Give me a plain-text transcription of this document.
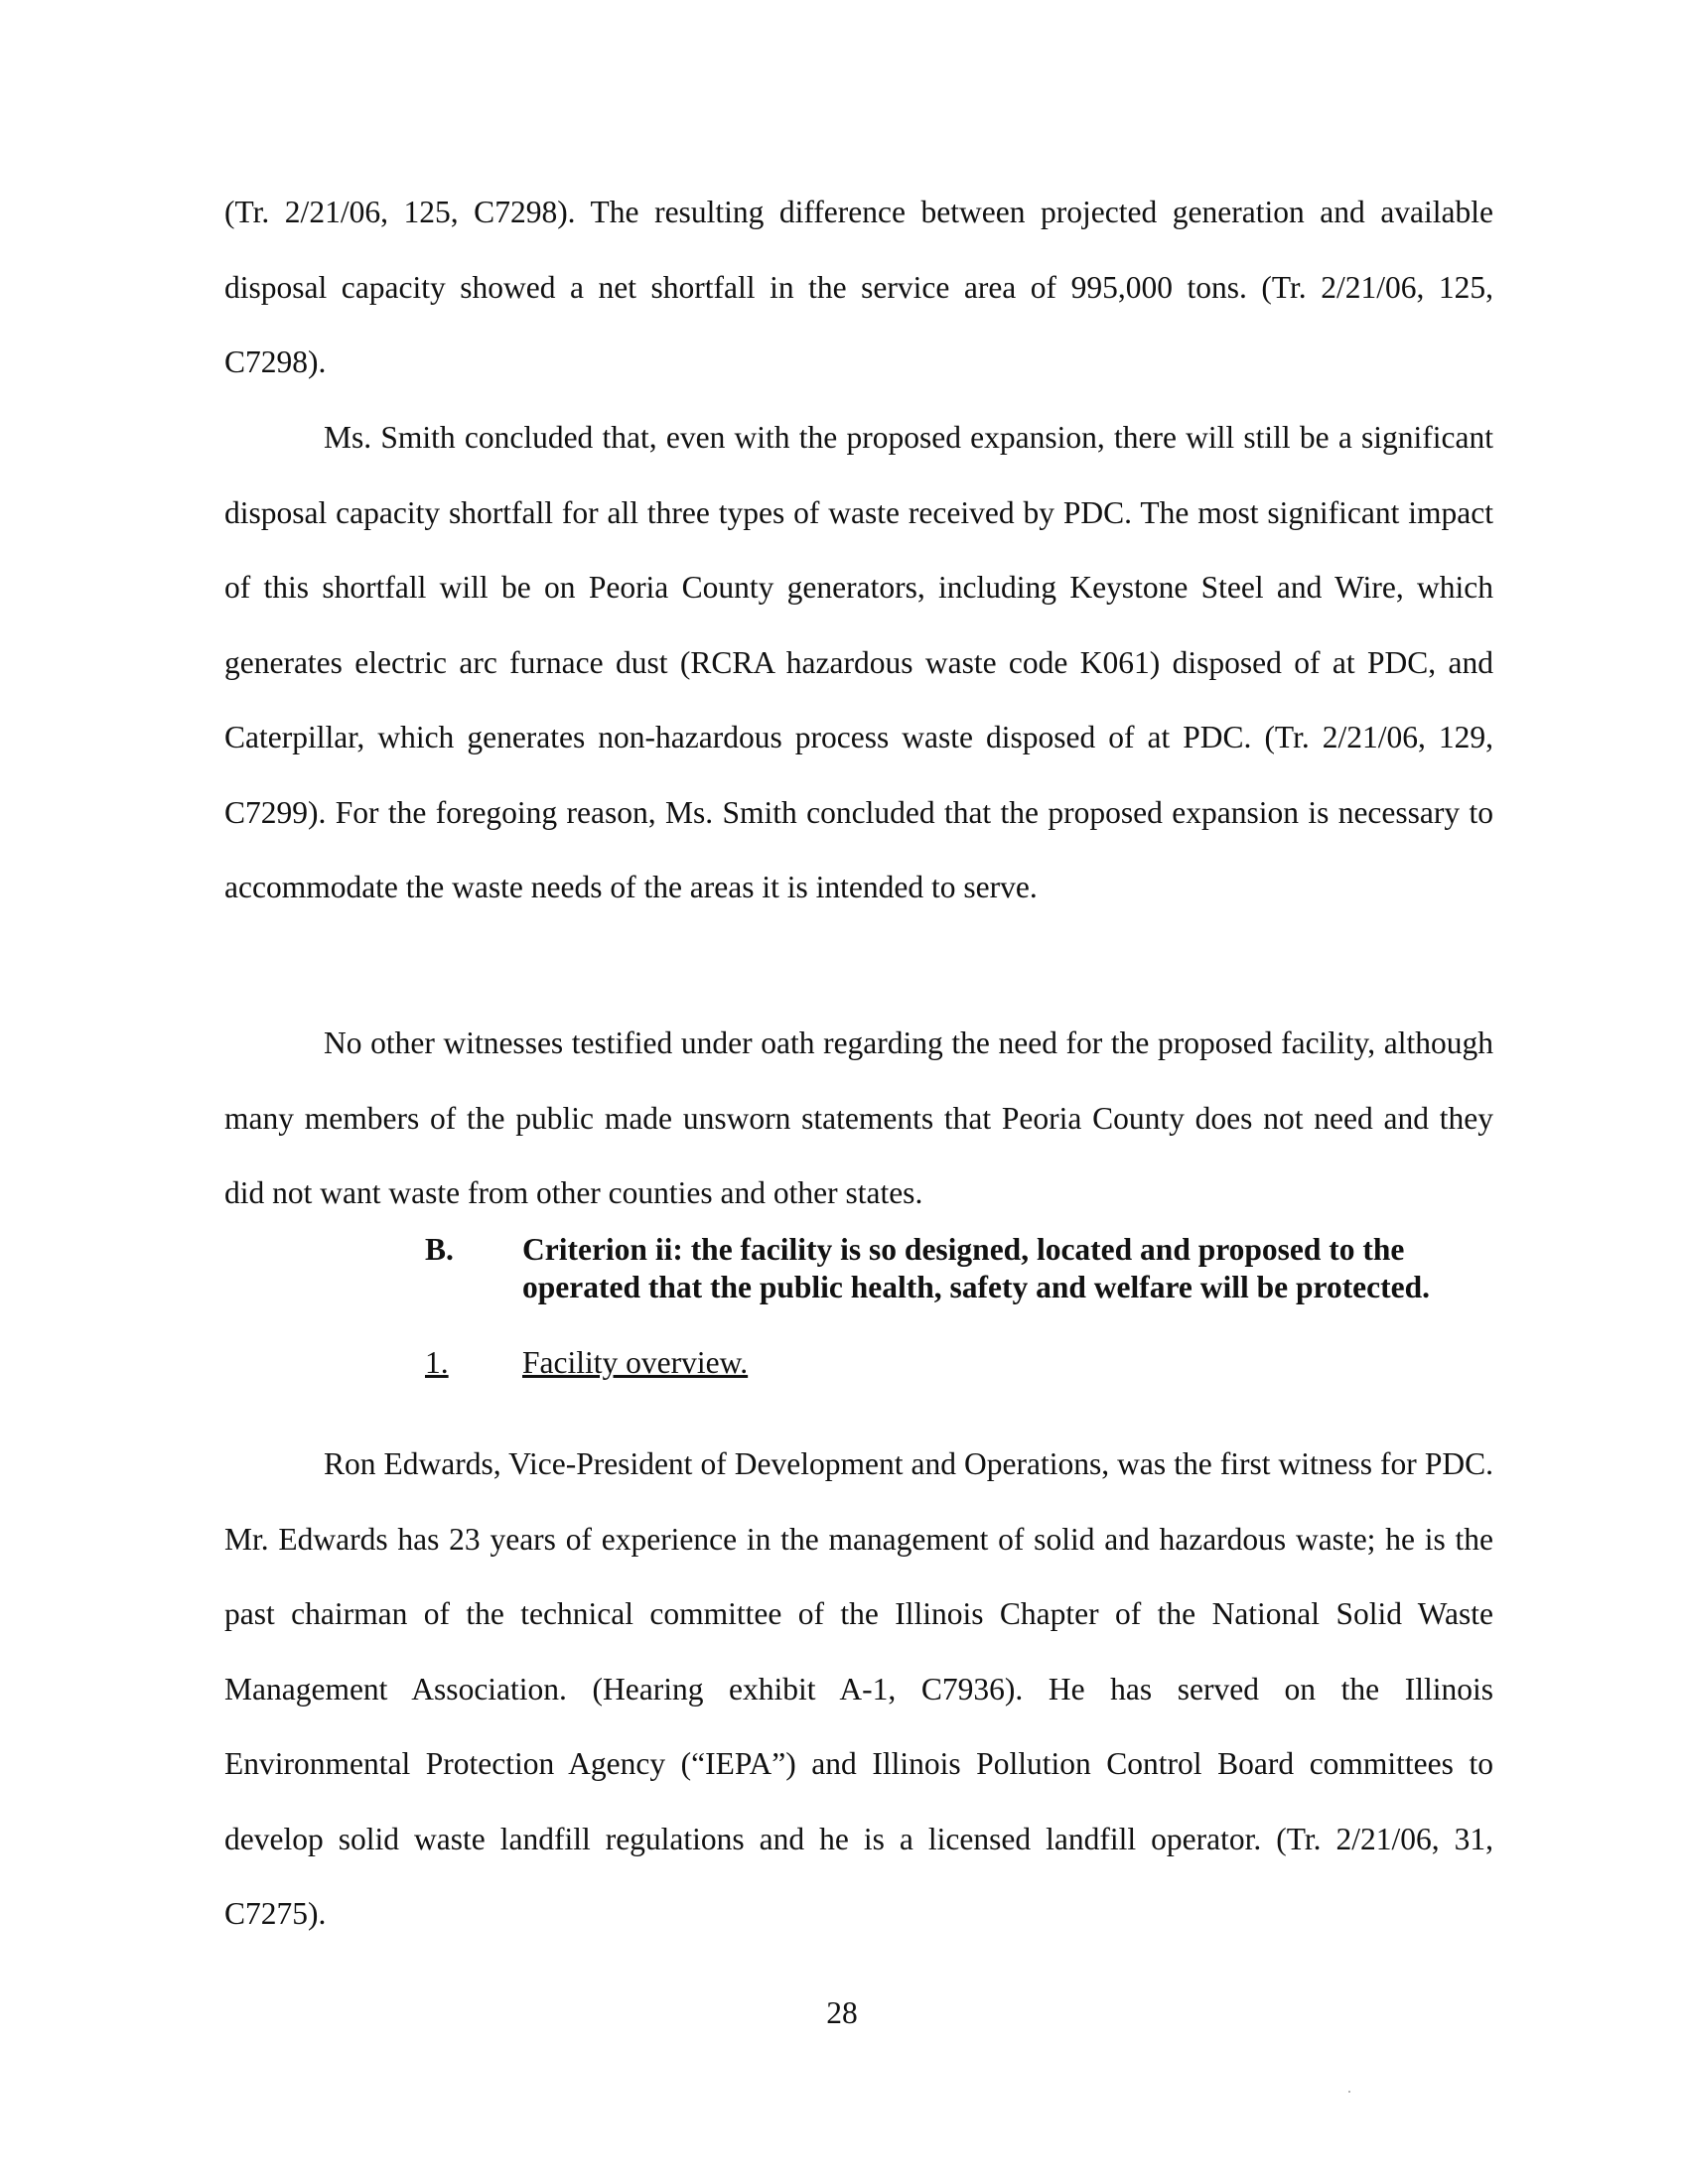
(Tr. 2/21/06, 125, C7298). The resulting difference between projected generation and available disposal capacity showed a net shortfall in the service area of 995,000 tons. (Tr. 2/21/06, 125, C7298).

Ms. Smith concluded that, even with the proposed expansion, there will still be a significant disposal capacity shortfall for all three types of waste received by PDC. The most significant impact of this shortfall will be on Peoria County generators, including Keystone Steel and Wire, which generates electric arc furnace dust (RCRA hazardous waste code K061) disposed of at PDC, and Caterpillar, which generates non-hazardous process waste disposed of at PDC. (Tr. 2/21/06, 129, C7299). For the foregoing reason, Ms. Smith concluded that the proposed expansion is necessary to accommodate the waste needs of the areas it is intended to serve.

No other witnesses testified under oath regarding the need for the proposed facility, although many members of the public made unsworn statements that Peoria County does not need and they did not want waste from other counties and other states.

B. Criterion ii: the facility is so designed, located and proposed to the operated that the public health, safety and welfare will be protected.
1. Facility overview.

Ron Edwards, Vice-President of Development and Operations, was the first witness for PDC. Mr. Edwards has 23 years of experience in the management of solid and hazardous waste; he is the past chairman of the technical committee of the Illinois Chapter of the National Solid Waste Management Association. (Hearing exhibit A-1, C7936). He has served on the Illinois Environmental Protection Agency (“IEPA”) and Illinois Pollution Control Board committees to develop solid waste landfill regulations and he is a licensed landfill operator. (Tr. 2/21/06, 31, C7275).

28
